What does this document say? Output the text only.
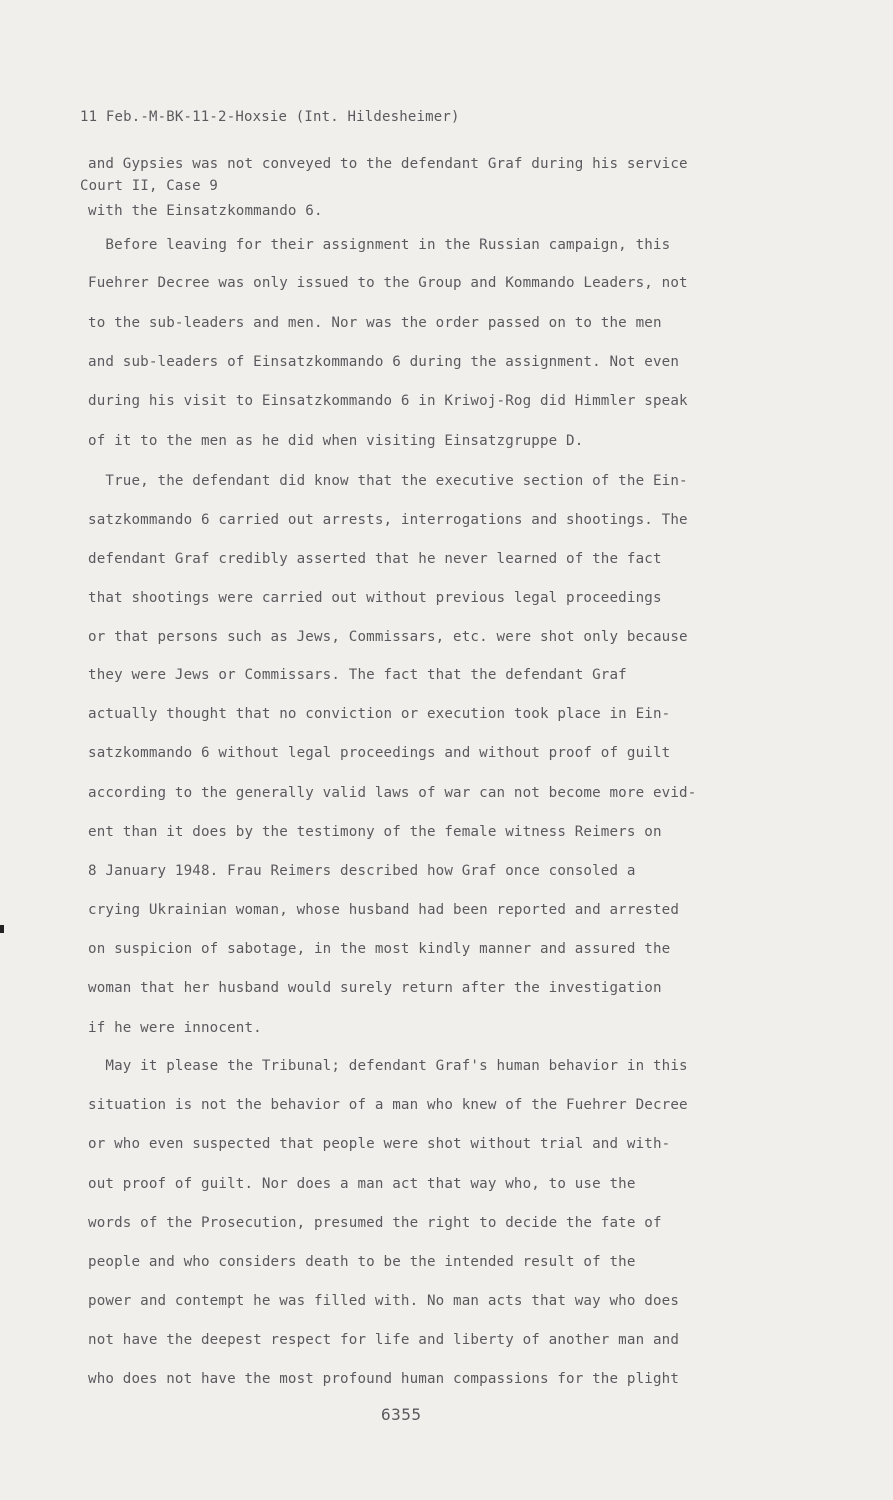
11 Feb.-M-BK-11-2-Hoxsie (Int. Hildesheimer)

Court II, Case 9

and Gypsies was not conveyed to the defendant Graf during his service
with the Einsatzkommando 6.
Before leaving for their assignment in the Russian campaign, this
Fuehrer Decree was only issued to the Group and Kommando Leaders, not
to the sub-leaders and men. Nor was the order passed on to the men
and sub-leaders of Einsatzkommando 6 during the assignment. Not even
during his visit to Einsatzkommando 6 in Kriwoj-Rog did Himmler speak
of it to the men as he did when visiting Einsatzgruppe D.
True, the defendant did know that the executive section of the Ein-
satzkommando 6 carried out arrests, interrogations and shootings. The
defendant Graf credibly asserted that he never learned of the fact
that shootings were carried out without previous legal proceedings
or that persons such as Jews, Commissars, etc. were shot only because
they were Jews or Commissars. The fact that the defendant Graf
actually thought that no conviction or execution took place in Ein-
satzkommando 6 without legal proceedings and without proof of guilt
according to the generally valid laws of war can not become more evid-
ent than it does by the testimony of the female witness Reimers on
8 January 1948. Frau Reimers described how Graf once consoled a
crying Ukrainian woman, whose husband had been reported and arrested
on suspicion of sabotage, in the most kindly manner and assured the
woman that her husband would surely return after the investigation
if he were innocent.
May it please the Tribunal; defendant Graf's human behavior in this
situation is not the behavior of a man who knew of the Fuehrer Decree
or who even suspected that people were shot without trial and with-
out proof of guilt. Nor does a man act that way who, to use the
words of the Prosecution, presumed the right to decide the fate of
people and who considers death to be the intended result of the
power and contempt he was filled with. No man acts that way who does
not have the deepest respect for life and liberty of another man and
who does not have the most profound human compassions for the plight
6355
